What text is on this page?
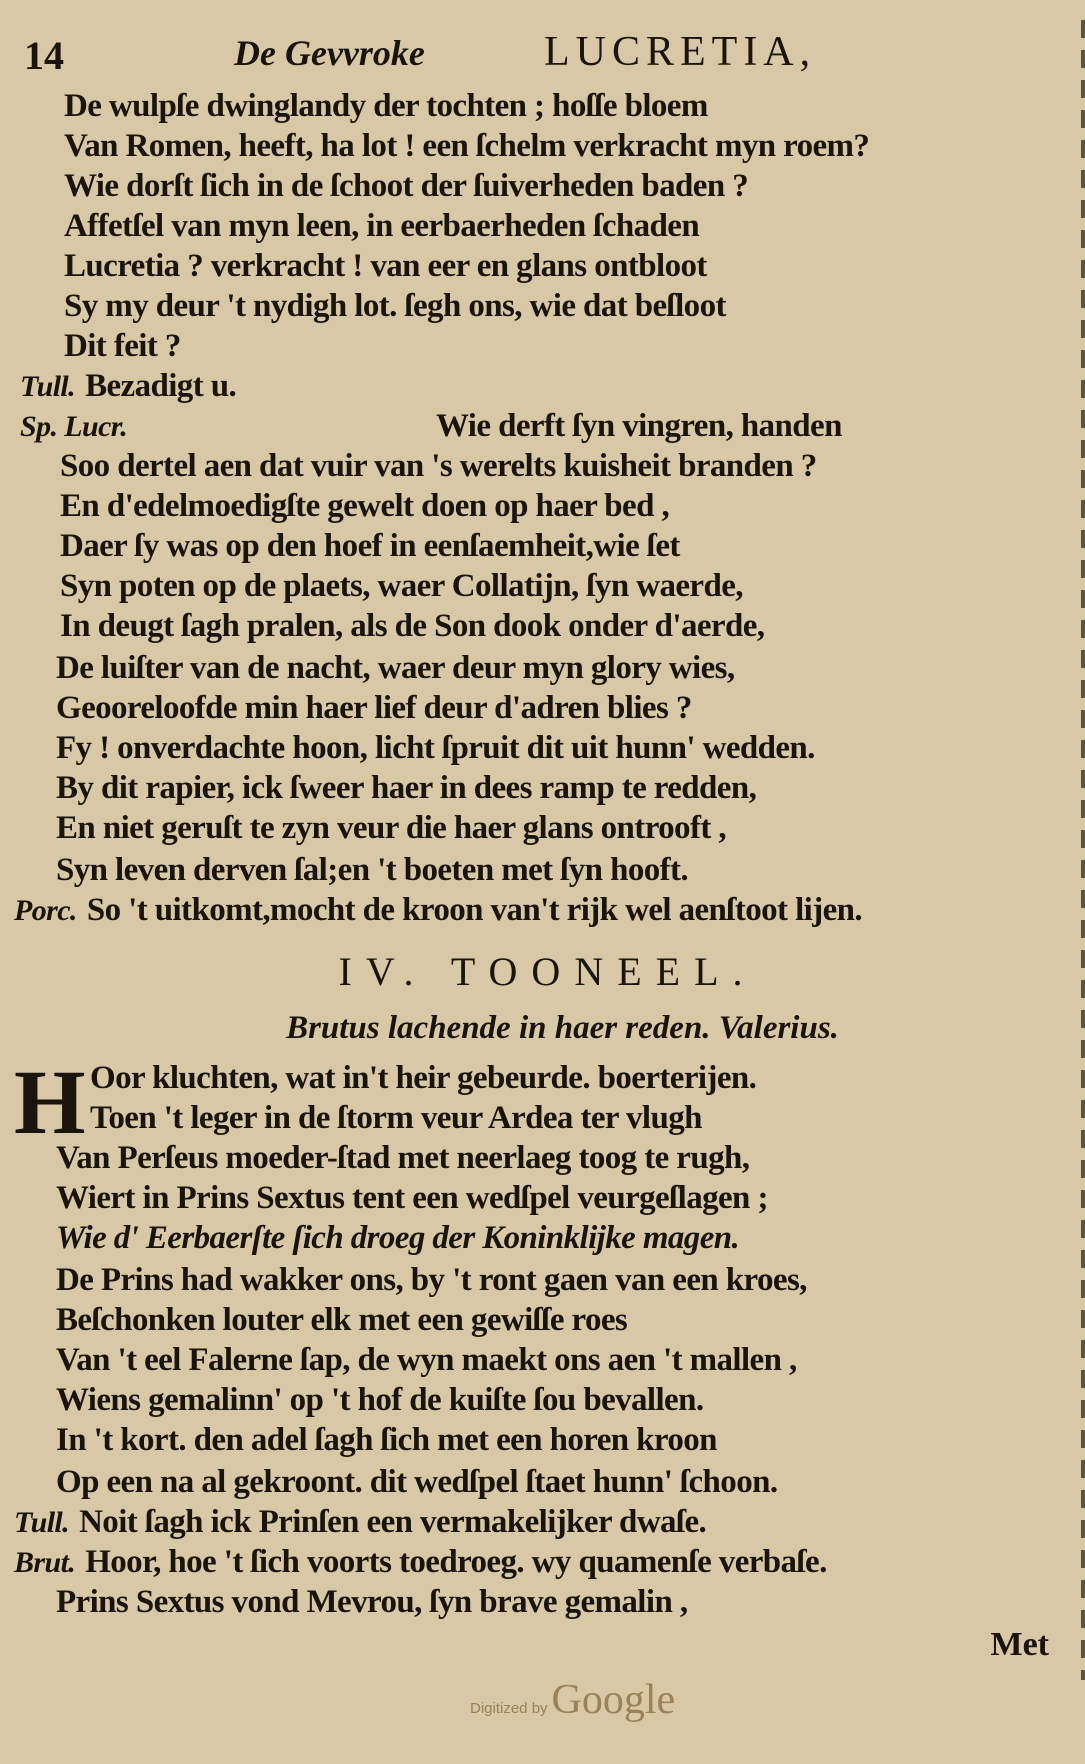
14	De Gevvroke	LUCRETIA,
De wulpſe dwinglandy der tochten ; hoſſe bloem
Van Romen, heeft, ha lot ! een ſchelm verkracht myn roem?
Wie dorſt ſich in de ſchoot der ſuiverheden baden ?
Affetſel van myn leen, in eerbaerheden ſchaden
Lucretia ? verkracht ! van eer en glans ontbloot
Sy my deur 't nydigh lot. ſegh ons, wie dat beſloot
Dit feit ?
Tull. Bezadigt u.
Sp. Lucr.	Wie derft ſyn vingren, handen
Soo dertel aen dat vuir van 's werelts kuisheit branden ?
En d'edelmoedigſte gewelt doen op haer bed ,
Daer ſy was op den hoef in eenſaemheit,wie ſet
Syn poten op de plaets, waer Collatijn, ſyn waerde,
In deugt ſagh pralen, als de Son dook onder d'aerde,
De luiſter van de nacht, waer deur myn glory wies,
Geooreloofde min haer lief deur d'adren blies ?
Fy ! onverdachte hoon, licht ſpruit dit uit hunn' wedden.
By dit rapier, ick ſweer haer in dees ramp te redden,
En niet geruſt te zyn veur die haer glans ontrooft ,
Syn leven derven ſal;en 't boeten met ſyn hooft.
Porc. So 't uitkomt,mocht de kroon van't rijk wel aenſtoot lijen.
IV. TOONEEL.
Brutus lachende in haer reden. Valerius.
H Oor kluchten, wat in't heir gebeurde. boerterijen.
Toen 't leger in de ſtorm veur Ardea ter vlugh
Van Perſeus moeder-ſtad met neerlaeg toog te rugh,
Wiert in Prins Sextus tent een wedſpel veurgeſlagen ;
Wie d' Eerbaerſte ſich droeg der Koninklijke magen.
De Prins had wakker ons, by 't ront gaen van een kroes,
Beſchonken louter elk met een gewiſſe roes
Van 't eel Falerne ſap, de wyn maekt ons aen 't mallen ,
Wiens gemalinn' op 't hof de kuiſte ſou bevallen.
In 't kort. den adel ſagh ſich met een horen kroon
Op een na al gekroont. dit wedſpel ſtaet hunn' ſchoon.
Tull. Noit ſagh ick Prinſen een vermakelijker dwaſe.
Brut. Hoor, hoe 't ſich voorts toedroeg. wy quamenſe verbaſe.
Prins Sextus vond Mevrou, ſyn brave gemalin ,
Met
Digitized byGoogle
